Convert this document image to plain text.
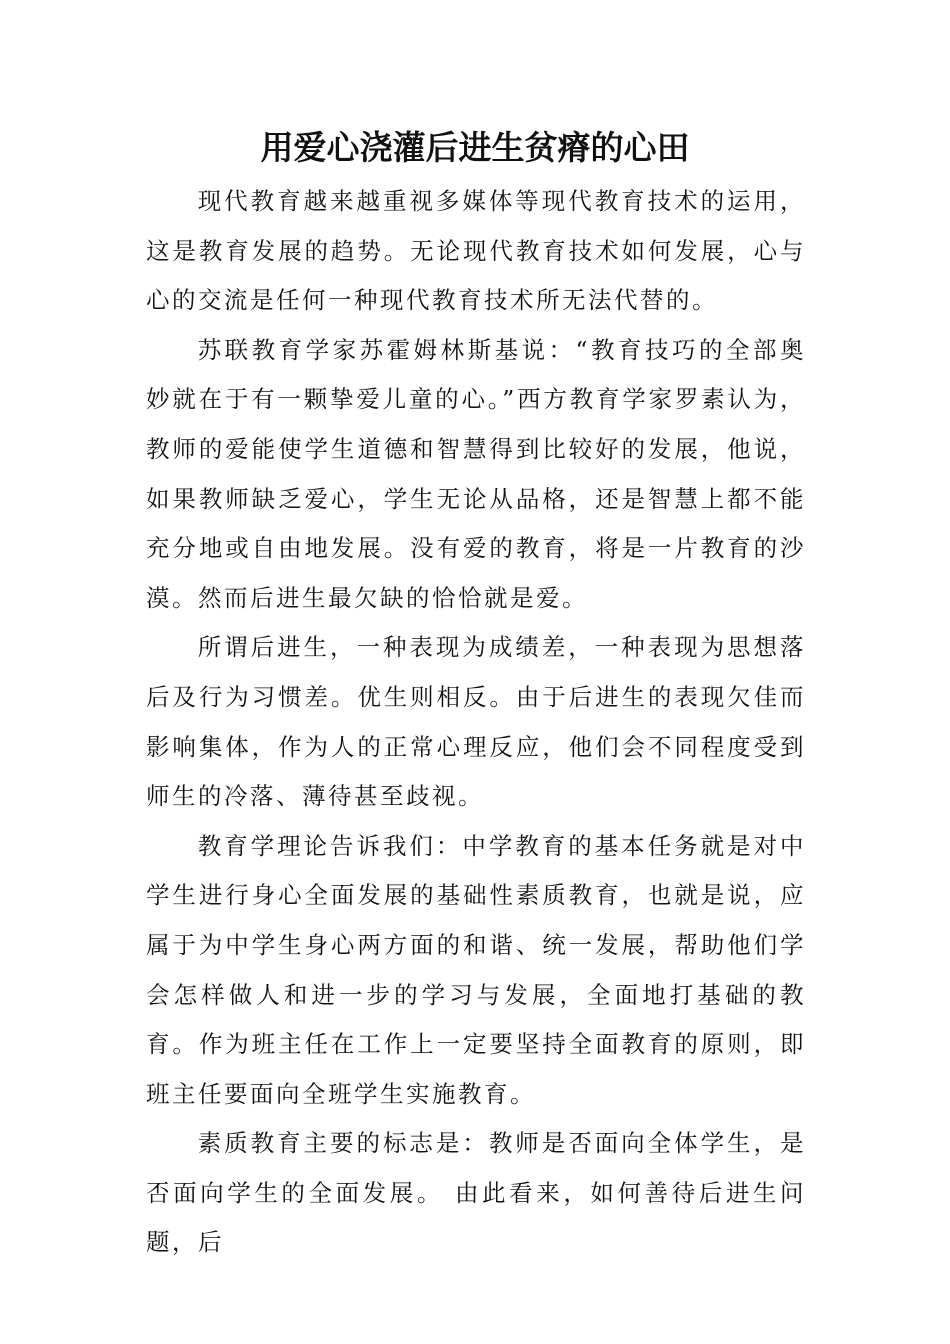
用爱心浇灌后进生贫瘠的心田

现代教育越来越重视多媒体等现代教育技术的运用，这是教育发展的趋势。无论现代教育技术如何发展，心与心的交流是任何一种现代教育技术所无法代替的。

苏联教育学家苏霍姆林斯基说：“教育技巧的全部奥妙就在于有一颗挚爱儿童的心。”西方教育学家罗素认为，教师的爱能使学生道德和智慧得到比较好的发展，他说，如果教师缺乏爱心，学生无论从品格，还是智慧上都不能充分地或自由地发展。没有爱的教育，将是一片教育的沙漠。然而后进生最欠缺的恰恰就是爱。

所谓后进生，一种表现为成绩差，一种表现为思想落后及行为习惯差。优生则相反。由于后进生的表现欠佳而影响集体，作为人的正常心理反应，他们会不同程度受到师生的冷落、薄待甚至歧视。

教育学理论告诉我们：中学教育的基本任务就是对中学生进行身心全面发展的基础性素质教育，也就是说，应属于为中学生身心两方面的和谐、统一发展，帮助他们学会怎样做人和进一步的学习与发展，全面地打基础的教育。作为班主任在工作上一定要坚持全面教育的原则，即班主任要面向全班学生实施教育。

素质教育主要的标志是：教师是否面向全体学生，是否面向学生的全面发展。 由此看来，如何善待后进生问题，后
